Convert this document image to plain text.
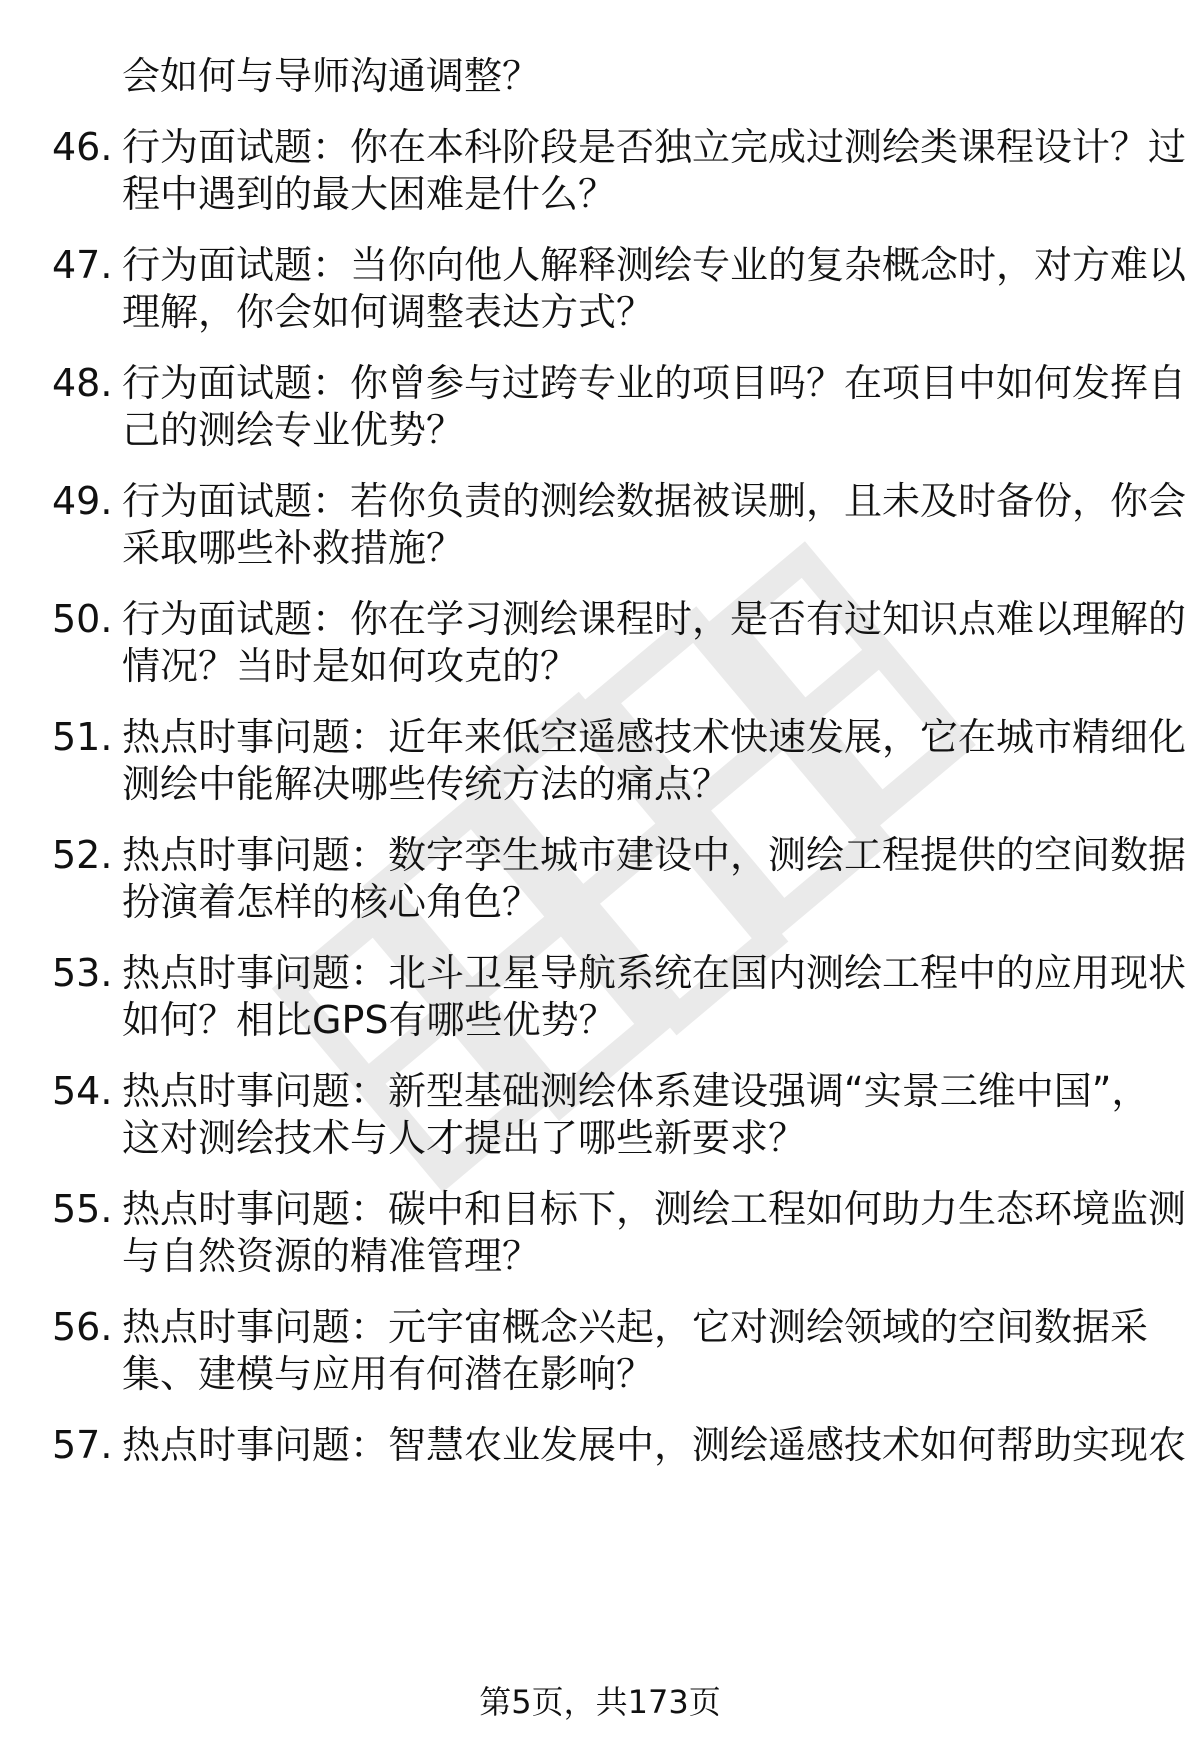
会如何与导师沟通调整？
46. 行为面试题：你在本科阶段是否独立完成过测绘类课程设计？过
程中遇到的最大困难是什么？
47. 行为面试题：当你向他人解释测绘专业的复杂概念时，对方难以
理解，你会如何调整表达方式？
48. 行为面试题：你曾参与过跨专业的项目吗？在项目中如何发挥自
己的测绘专业优势？
49. 行为面试题：若你负责的测绘数据被误删，且未及时备份，你会
采取哪些补救措施？
50. 行为面试题：你在学习测绘课程时，是否有过知识点难以理解的
情况？当时是如何攻克的？
51. 热点时事问题：近年来低空遥感技术快速发展，它在城市精细化
测绘中能解决哪些传统方法的痛点？
52. 热点时事问题：数字孪生城市建设中，测绘工程提供的空间数据
扮演着怎样的核心角色？
53. 热点时事问题：北斗卫星导航系统在国内测绘工程中的应用现状
如何？相比GPS有哪些优势？
54. 热点时事问题：新型基础测绘体系建设强调“实景三维中国”，
这对测绘技术与人才提出了哪些新要求？
55. 热点时事问题：碳中和目标下，测绘工程如何助力生态环境监测
与自然资源的精准管理？
56. 热点时事问题：元宇宙概念兴起，它对测绘领域的空间数据采
集、建模与应用有何潜在影响？
57. 热点时事问题：智慧农业发展中，测绘遥感技术如何帮助实现农
第5页，共173页
